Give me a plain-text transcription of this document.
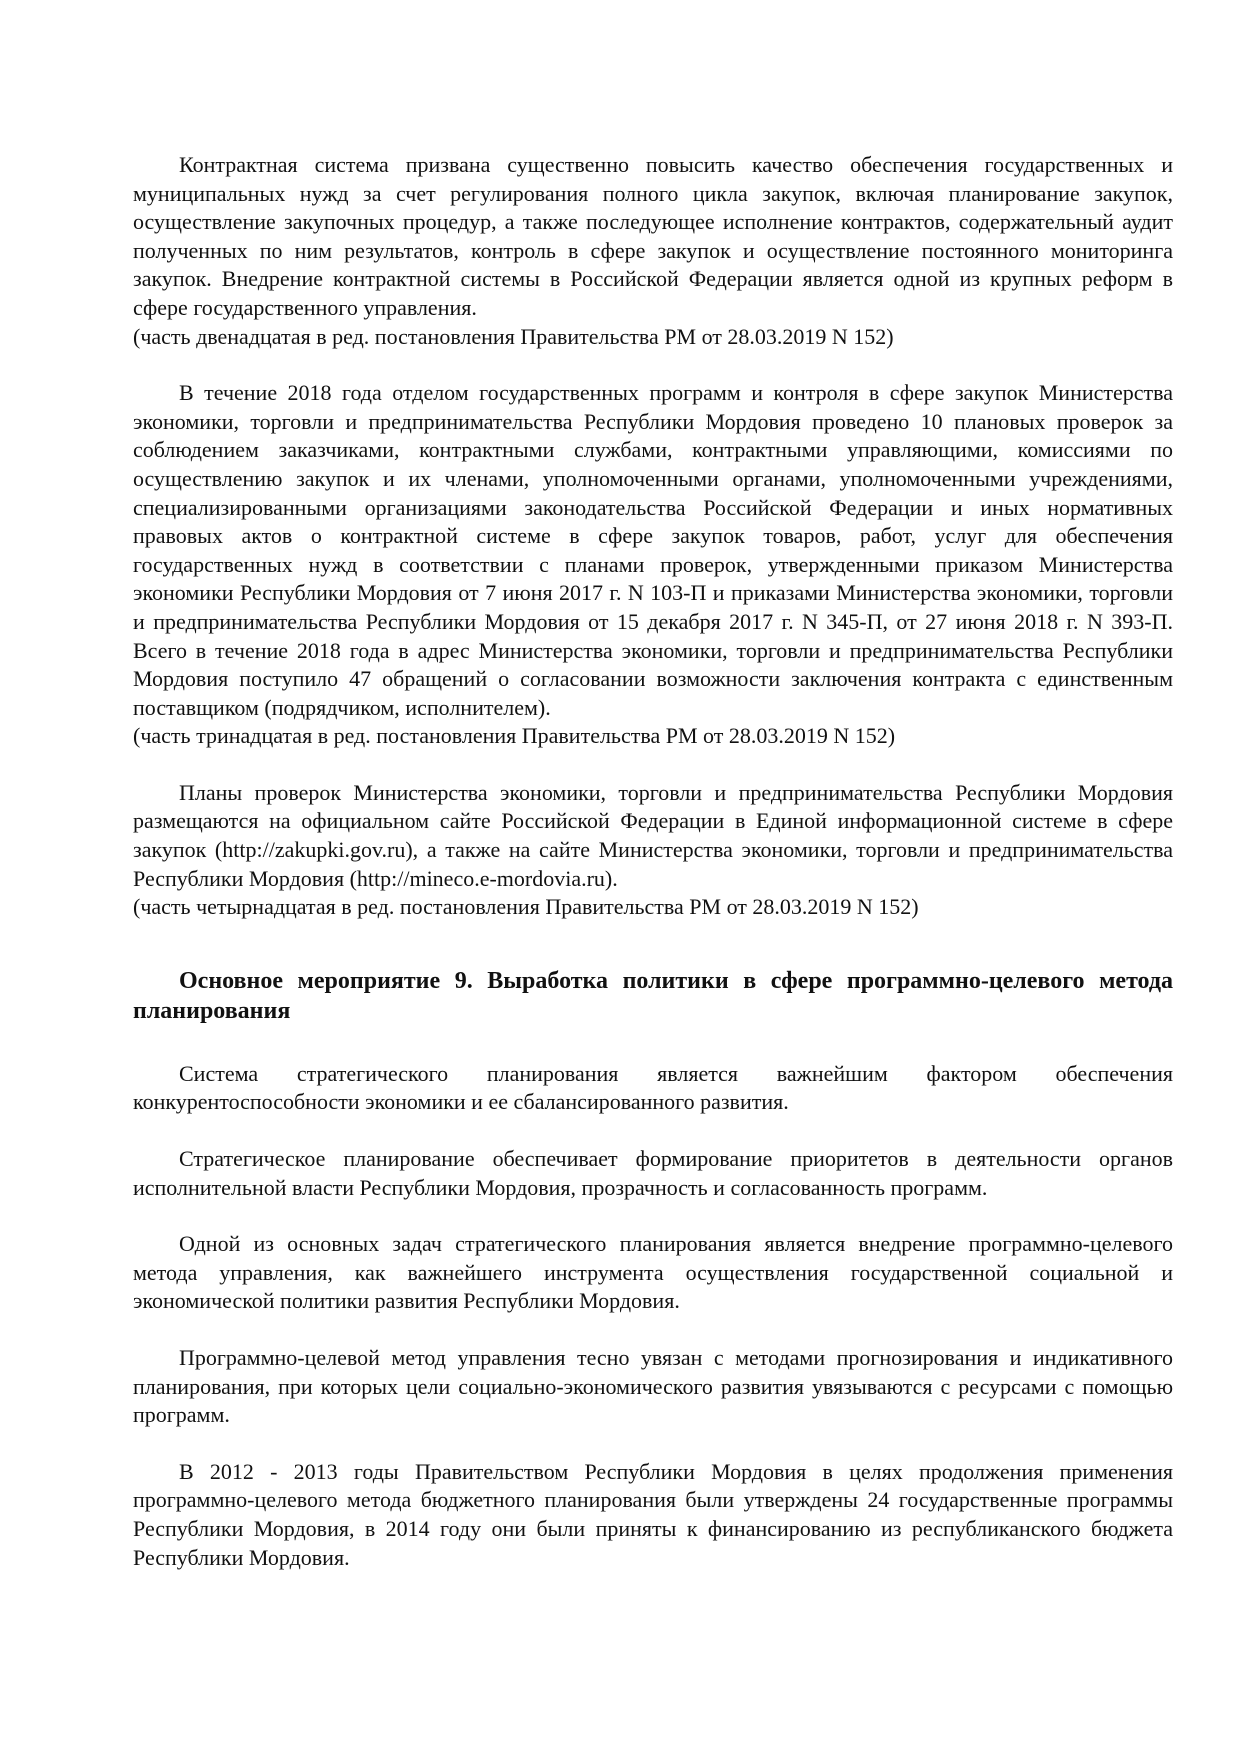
Контрактная система призвана существенно повысить качество обеспечения государственных и муниципальных нужд за счет регулирования полного цикла закупок, включая планирование закупок, осуществление закупочных процедур, а также последующее исполнение контрактов, содержательный аудит полученных по ним результатов, контроль в сфере закупок и осуществление постоянного мониторинга закупок. Внедрение контрактной системы в Российской Федерации является одной из крупных реформ в сфере государственного управления.

(часть двенадцатая в ред. постановления Правительства РМ от 28.03.2019 N 152)

В течение 2018 года отделом государственных программ и контроля в сфере закупок Министерства экономики, торговли и предпринимательства Республики Мордовия проведено 10 плановых проверок за соблюдением заказчиками, контрактными службами, контрактными управляющими, комиссиями по осуществлению закупок и их членами, уполномоченными органами, уполномоченными учреждениями, специализированными организациями законодательства Российской Федерации и иных нормативных правовых актов о контрактной системе в сфере закупок товаров, работ, услуг для обеспечения государственных нужд в соответствии с планами проверок, утвержденными приказом Министерства экономики Республики Мордовия от 7 июня 2017 г. N 103-П и приказами Министерства экономики, торговли и предпринимательства Республики Мордовия от 15 декабря 2017 г. N 345-П, от 27 июня 2018 г. N 393-П. Всего в течение 2018 года в адрес Министерства экономики, торговли и предпринимательства Республики Мордовия поступило 47 обращений о согласовании возможности заключения контракта с единственным поставщиком (подрядчиком, исполнителем).

(часть тринадцатая в ред. постановления Правительства РМ от 28.03.2019 N 152)

Планы проверок Министерства экономики, торговли и предпринимательства Республики Мордовия размещаются на официальном сайте Российской Федерации в Единой информационной системе в сфере закупок (http://zakupki.gov.ru), а также на сайте Министерства экономики, торговли и предпринимательства Республики Мордовия (http://mineco.e-mordovia.ru).

(часть четырнадцатая в ред. постановления Правительства РМ от 28.03.2019 N 152)

Основное мероприятие 9. Выработка политики в сфере программно-целевого метода планирования

Система стратегического планирования является важнейшим фактором обеспечения конкурентоспособности экономики и ее сбалансированного развития.

Стратегическое планирование обеспечивает формирование приоритетов в деятельности органов исполнительной власти Республики Мордовия, прозрачность и согласованность программ.

Одной из основных задач стратегического планирования является внедрение программно-целевого метода управления, как важнейшего инструмента осуществления государственной социальной и экономической политики развития Республики Мордовия.

Программно-целевой метод управления тесно увязан с методами прогнозирования и индикативного планирования, при которых цели социально-экономического развития увязываются с ресурсами с помощью программ.

В 2012 - 2013 годы Правительством Республики Мордовия в целях продолжения применения программно-целевого метода бюджетного планирования были утверждены 24 государственные программы Республики Мордовия, в 2014 году они были приняты к финансированию из республиканского бюджета Республики Мордовия.
